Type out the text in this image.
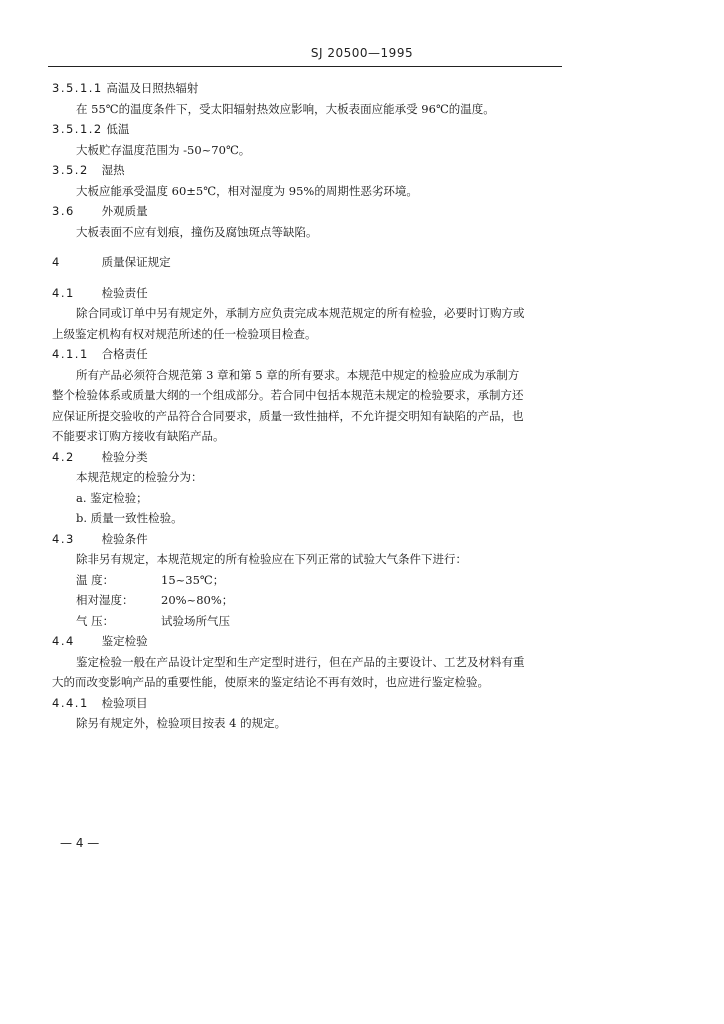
SJ 20500—1995
3.5.1.1 高温及日照热辐射
在 55℃的温度条件下，受太阳辐射热效应影响，大板表面应能承受 96℃的温度。
3.5.1.2 低温
大板贮存温度范围为 -50~70℃。
3.5.2 湿热
大板应能承受温度 60±5℃，相对湿度为 95%的周期性恶劣环境。
3.6 外观质量
大板表面不应有划痕，撞伤及腐蚀斑点等缺陷。
4	质量保证规定
4.1 检验责任
除合同或订单中另有规定外，承制方应负责完成本规范规定的所有检验，必要时订购方或
上级鉴定机构有权对规范所述的任一检验项目检查。
4.1.1 合格责任
所有产品必须符合规范第 3 章和第 5 章的所有要求。本规范中规定的检验应成为承制方
整个检验体系或质量大纲的一个组成部分。若合同中包括本规范未规定的检验要求，承制方还
应保证所提交验收的产品符合合同要求，质量一致性抽样，不允许提交明知有缺陷的产品，也
不能要求订购方接收有缺陷产品。
4.2 检验分类
本规范规定的检验分为：
a. 鉴定检验；
b. 质量一致性检验。
4.3 检验条件
除非另有规定，本规范规定的所有检验应在下列正常的试验大气条件下进行：
温 度：	15~35℃；
相对湿度：	20%~80%；
气 压：	试验场所气压
4.4 鉴定检验
鉴定检验一般在产品设计定型和生产定型时进行，但在产品的主要设计、工艺及材料有重
大的而改变影响产品的重要性能，使原来的鉴定结论不再有效时，也应进行鉴定检验。
4.4.1 检验项目
除另有规定外，检验项目按表 4 的规定。
— 4 —
